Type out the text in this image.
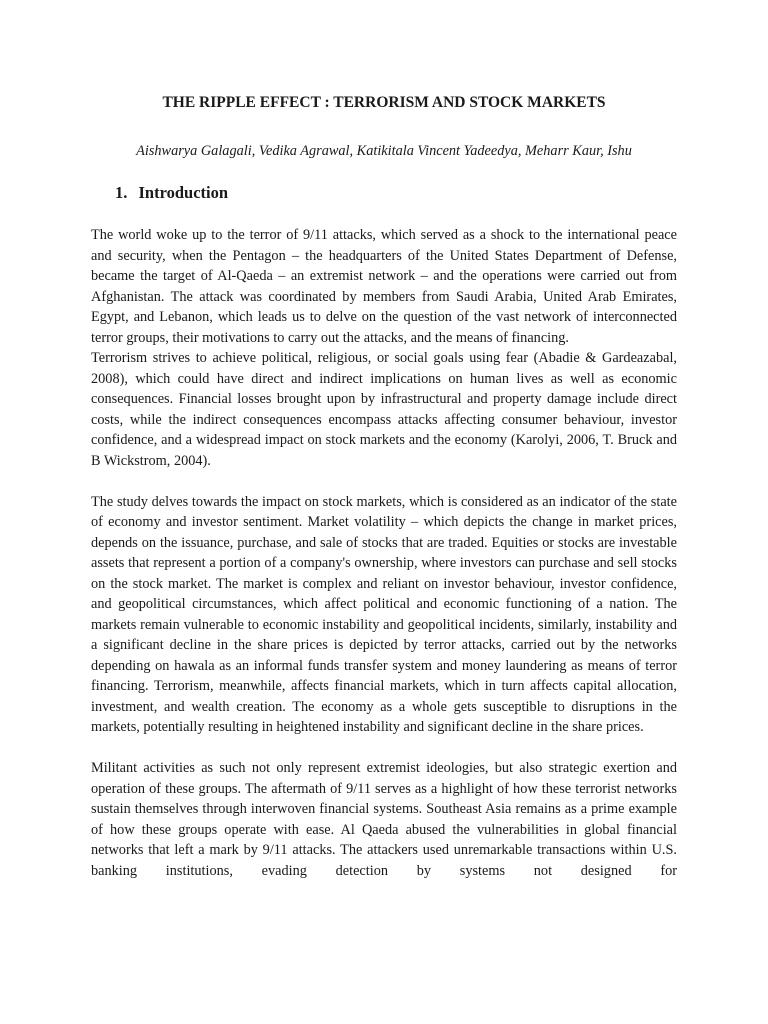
THE RIPPLE EFFECT : TERRORISM AND STOCK MARKETS

Aishwarya Galagali, Vedika Agrawal, Katikitala Vincent Yadeedya, Meharr Kaur, Ishu

1. Introduction

The world woke up to the terror of 9/11 attacks, which served as a shock to the international peace and security, when the Pentagon – the headquarters of the United States Department of Defense, became the target of Al-Qaeda – an extremist network – and the operations were carried out from Afghanistan. The attack was coordinated by members from Saudi Arabia, United Arab Emirates, Egypt, and Lebanon, which leads us to delve on the question of the vast network of interconnected terror groups, their motivations to carry out the attacks, and the means of financing.

Terrorism strives to achieve political, religious, or social goals using fear (Abadie & Gardeazabal, 2008), which could have direct and indirect implications on human lives as well as economic consequences. Financial losses brought upon by infrastructural and property damage include direct costs, while the indirect consequences encompass attacks affecting consumer behaviour, investor confidence, and a widespread impact on stock markets and the economy (Karolyi, 2006, T. Bruck and B Wickstrom, 2004).

The study delves towards the impact on stock markets, which is considered as an indicator of the state of economy and investor sentiment. Market volatility – which depicts the change in market prices, depends on the issuance, purchase, and sale of stocks that are traded. Equities or stocks are investable assets that represent a portion of a company's ownership, where investors can purchase and sell stocks on the stock market. The market is complex and reliant on investor behaviour, investor confidence, and geopolitical circumstances, which affect political and economic functioning of a nation. The markets remain vulnerable to economic instability and geopolitical incidents, similarly, instability and a significant decline in the share prices is depicted by terror attacks, carried out by the networks depending on hawala as an informal funds transfer system and money laundering as means of terror financing. Terrorism, meanwhile, affects financial markets, which in turn affects capital allocation, investment, and wealth creation. The economy as a whole gets susceptible to disruptions in the markets, potentially resulting in heightened instability and significant decline in the share prices.

Militant activities as such not only represent extremist ideologies, but also strategic exertion and operation of these groups. The aftermath of 9/11 serves as a highlight of how these terrorist networks sustain themselves through interwoven financial systems. Southeast Asia remains as a prime example of how these groups operate with ease. Al Qaeda abused the vulnerabilities in global financial networks that left a mark by 9/11 attacks. The attackers used unremarkable transactions within U.S. banking institutions, evading detection by systems not designed for
